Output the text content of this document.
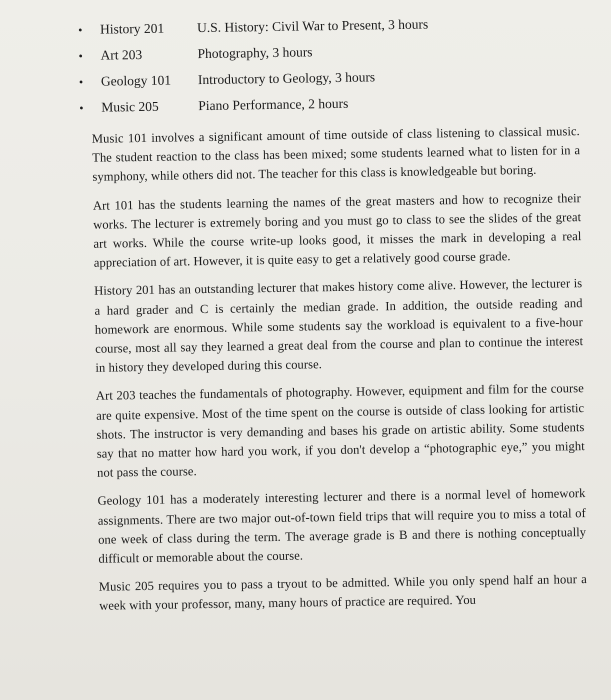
•	History 201	U.S. History: Civil War to Present, 3 hours
•	Art 203	Photography, 3 hours
•	Geology 101	Introductory to Geology, 3 hours
•	Music 205	Piano Performance, 2 hours

Music 101 involves a significant amount of time outside of class listening to classical music. The student reaction to the class has been mixed; some students learned what to listen for in a symphony, while others did not. The teacher for this class is knowledgeable but boring.

Art 101 has the students learning the names of the great masters and how to recognize their works. The lecturer is extremely boring and you must go to class to see the slides of the great art works. While the course write-up looks good, it misses the mark in developing a real appreciation of art. However, it is quite easy to get a relatively good course grade.

History 201 has an outstanding lecturer that makes history come alive. However, the lecturer is a hard grader and C is certainly the median grade. In addition, the outside reading and homework are enormous. While some students say the workload is equivalent to a five-hour course, most all say they learned a great deal from the course and plan to continue the interest in history they developed during this course.

Art 203 teaches the fundamentals of photography. However, equipment and film for the course are quite expensive. Most of the time spent on the course is outside of class looking for artistic shots. The instructor is very demanding and bases his grade on artistic ability. Some students say that no matter how hard you work, if you don't develop a “photographic eye,” you might not pass the course.

Geology 101 has a moderately interesting lecturer and there is a normal level of homework assignments. There are two major out-of-town field trips that will require you to miss a total of one week of class during the term. The average grade is B and there is nothing conceptually difficult or memorable about the course.

Music 205 requires you to pass a tryout to be admitted. While you only spend half an hour a week with your professor, many, many hours of practice are required. You
